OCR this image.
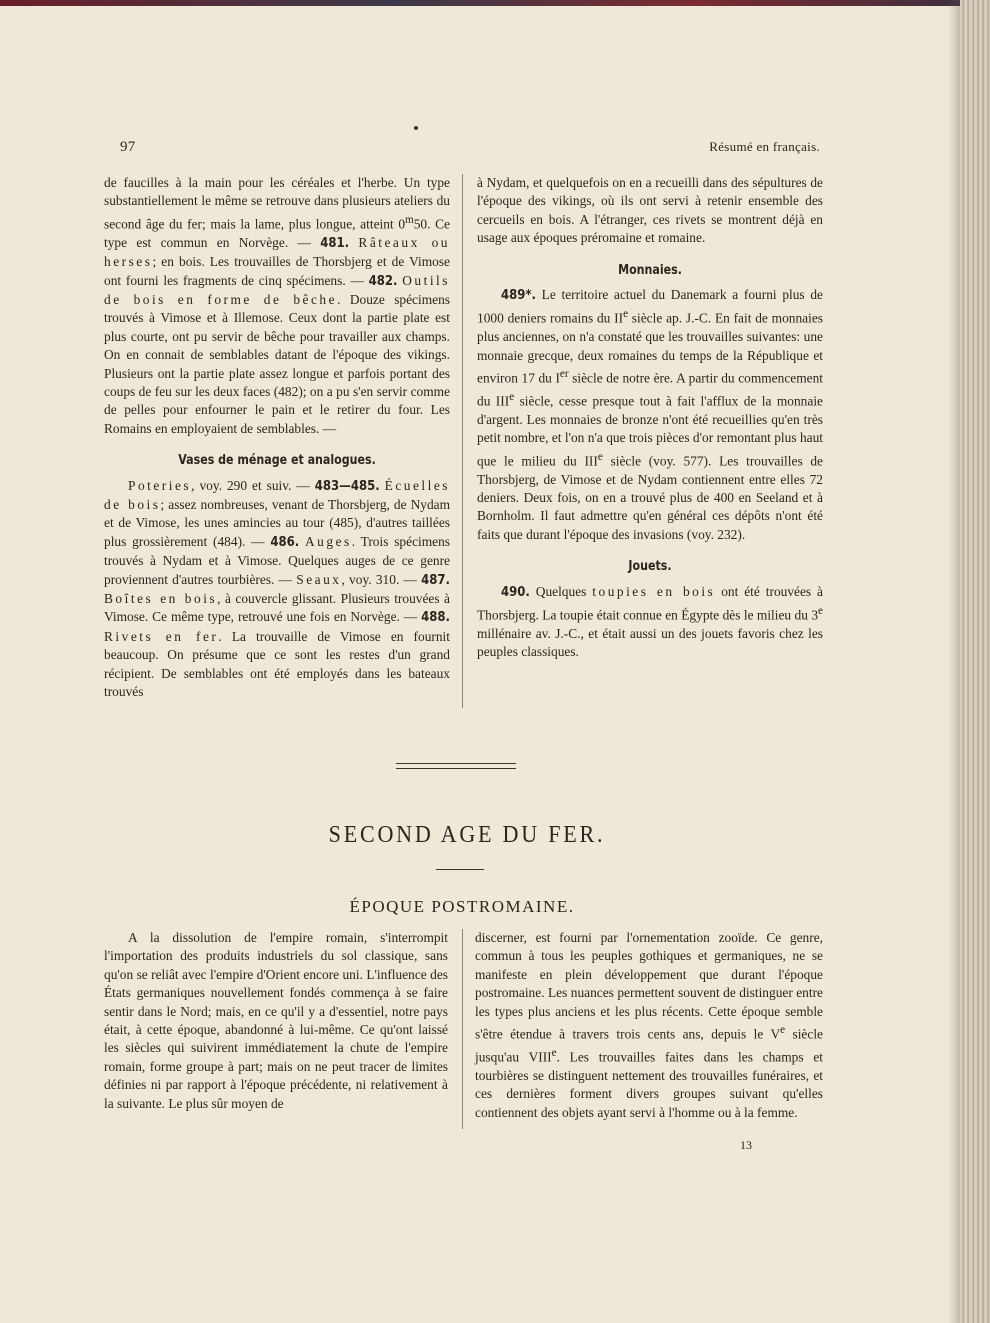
97	Résumé en français.

de faucilles à la main pour les céréales et l'herbe. Un type substantiellement le même se retrouve dans plusieurs ateliers du second âge du fer; mais la lame, plus longue, atteint 0$^m$50. Ce type est commun en Norvège. — 481. Râteaux ou herses; en bois. Les trouvailles de Thorsbjerg et de Vimose ont fourni les fragments de cinq spécimens. — 482. Outils de bois en forme de bêche. Douze spécimens trouvés à Vimose et à Illemose. Ceux dont la partie plate est plus courte, ont pu servir de bêche pour travailler aux champs. On en connait de semblables datant de l'époque des vikings. Plusieurs ont la partie plate assez longue et parfois portant des coups de feu sur les deux faces (482); on a pu s'en servir comme de pelles pour enfourner le pain et le retirer du four. Les Romains en employaient de semblables. —

Vases de ménage et analogues.

Poteries, voy. 290 et suiv. — 483—485. Écuelles de bois; assez nombreuses, venant de Thorsbjerg, de Nydam et de Vimose, les unes amincies au tour (485), d'autres taillées plus grossièrement (484). — 486. Auges. Trois spécimens trouvés à Nydam et à Vimose. Quelques auges de ce genre proviennent d'autres tourbières. — Seaux, voy. 310. — 487. Boîtes en bois, à couvercle glissant. Plusieurs trouvées à Vimose. Ce même type, retrouvé une fois en Norvège. — 488. Rivets en fer. La trouvaille de Vimose en fournit beaucoup. On présume que ce sont les restes d'un grand récipient. De semblables ont été employés dans les bateaux trouvés

à Nydam, et quelquefois on en a recueilli dans des sépultures de l'époque des vikings, où ils ont servi à retenir ensemble des cercueils en bois. A l'étranger, ces rivets se montrent déjà en usage aux époques préromaine et romaine.

Monnaies.

489*. Le territoire actuel du Danemark a fourni plus de 1000 deniers romains du IIe siècle ap. J.-C. En fait de monnaies plus anciennes, on n'a constaté que les trouvailles suivantes: une monnaie grecque, deux romaines du temps de la République et environ 17 du Ier siècle de notre ère. A partir du commencement du IIIe siècle, cesse presque tout à fait l'afflux de la monnaie d'argent. Les monnaies de bronze n'ont été recueillies qu'en très petit nombre, et l'on n'a que trois pièces d'or remontant plus haut que le milieu du IIIe siècle (voy. 577). Les trouvailles de Thorsbjerg, de Vimose et de Nydam contiennent entre elles 72 deniers. Deux fois, on en a trouvé plus de 400 en Seeland et à Bornholm. Il faut admettre qu'en général ces dépôts n'ont été faits que durant l'époque des invasions (voy. 232).

Jouets.

490. Quelques toupies en bois ont été trouvées à Thorsbjerg. La toupie était connue en Égypte dès le milieu du 3e millénaire av. J.-C., et était aussi un des jouets favoris chez les peuples classiques.

SECOND AGE DU FER.
ÉPOQUE POSTROMAINE.

A la dissolution de l'empire romain, s'interrompit l'importation des produits industriels du sol classique, sans qu'on se reliât avec l'empire d'Orient encore uni. L'influence des États germaniques nouvellement fondés commença à se faire sentir dans le Nord; mais, en ce qu'il y a d'essentiel, notre pays était, à cette époque, abandonné à lui-même. Ce qu'ont laissé les siècles qui suivirent immédiatement la chute de l'empire romain, forme groupe à part; mais on ne peut tracer de limites définies ni par rapport à l'époque précédente, ni relativement à la suivante. Le plus sûr moyen de

discerner, est fourni par l'ornementation zooïde. Ce genre, commun à tous les peuples gothiques et germaniques, ne se manifeste en plein développement que durant l'époque postromaine. Les nuances permettent souvent de distinguer entre les types plus anciens et les plus récents. Cette époque semble s'être étendue à travers trois cents ans, depuis le Ve siècle jusqu'au VIIIe. Les trouvailles faites dans les champs et tourbières se distinguent nettement des trouvailles funéraires, et ces dernières forment divers groupes suivant qu'elles contiennent des objets ayant servi à l'homme ou à la femme.

13
